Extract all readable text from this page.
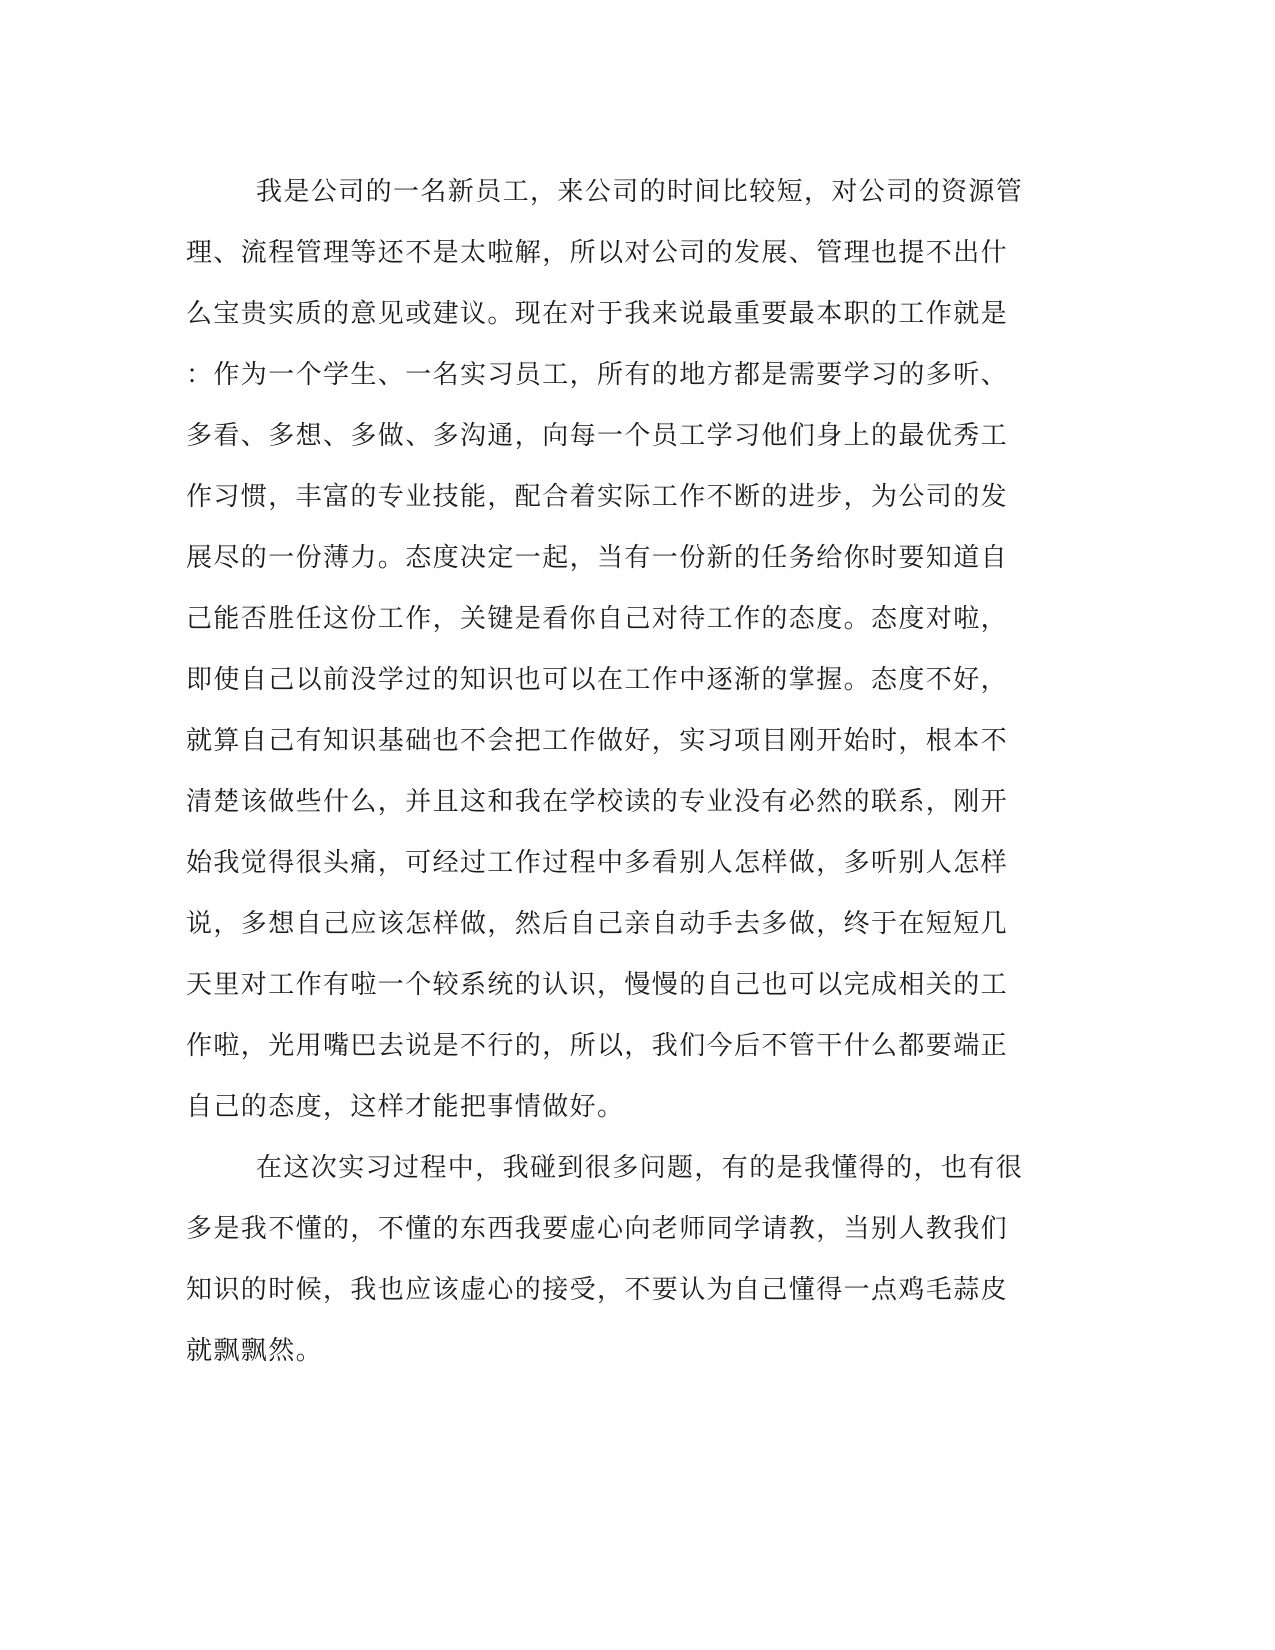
我是公司的一名新员工，来公司的时间比较短，对公司的资源管
理、流程管理等还不是太啦解，所以对公司的发展、管理也提不出什
么宝贵实质的意见或建议。现在对于我来说最重要最本职的工作就是
：作为一个学生、一名实习员工，所有的地方都是需要学习的多听、
多看、多想、多做、多沟通，向每一个员工学习他们身上的最优秀工
作习惯，丰富的专业技能，配合着实际工作不断的进步，为公司的发
展尽的一份薄力。态度决定一起，当有一份新的任务给你时要知道自
己能否胜任这份工作，关键是看你自己对待工作的态度。态度对啦，
即使自己以前没学过的知识也可以在工作中逐渐的掌握。态度不好，
就算自己有知识基础也不会把工作做好，实习项目刚开始时，根本不
清楚该做些什么，并且这和我在学校读的专业没有必然的联系，刚开
始我觉得很头痛，可经过工作过程中多看别人怎样做，多听别人怎样
说，多想自己应该怎样做，然后自己亲自动手去多做，终于在短短几
天里对工作有啦一个较系统的认识，慢慢的自己也可以完成相关的工
作啦，光用嘴巴去说是不行的，所以，我们今后不管干什么都要端正
自己的态度，这样才能把事情做好。
在这次实习过程中，我碰到很多问题，有的是我懂得的，也有很
多是我不懂的，不懂的东西我要虚心向老师同学请教，当别人教我们
知识的时候，我也应该虚心的接受，不要认为自己懂得一点鸡毛蒜皮
就飘飘然。
